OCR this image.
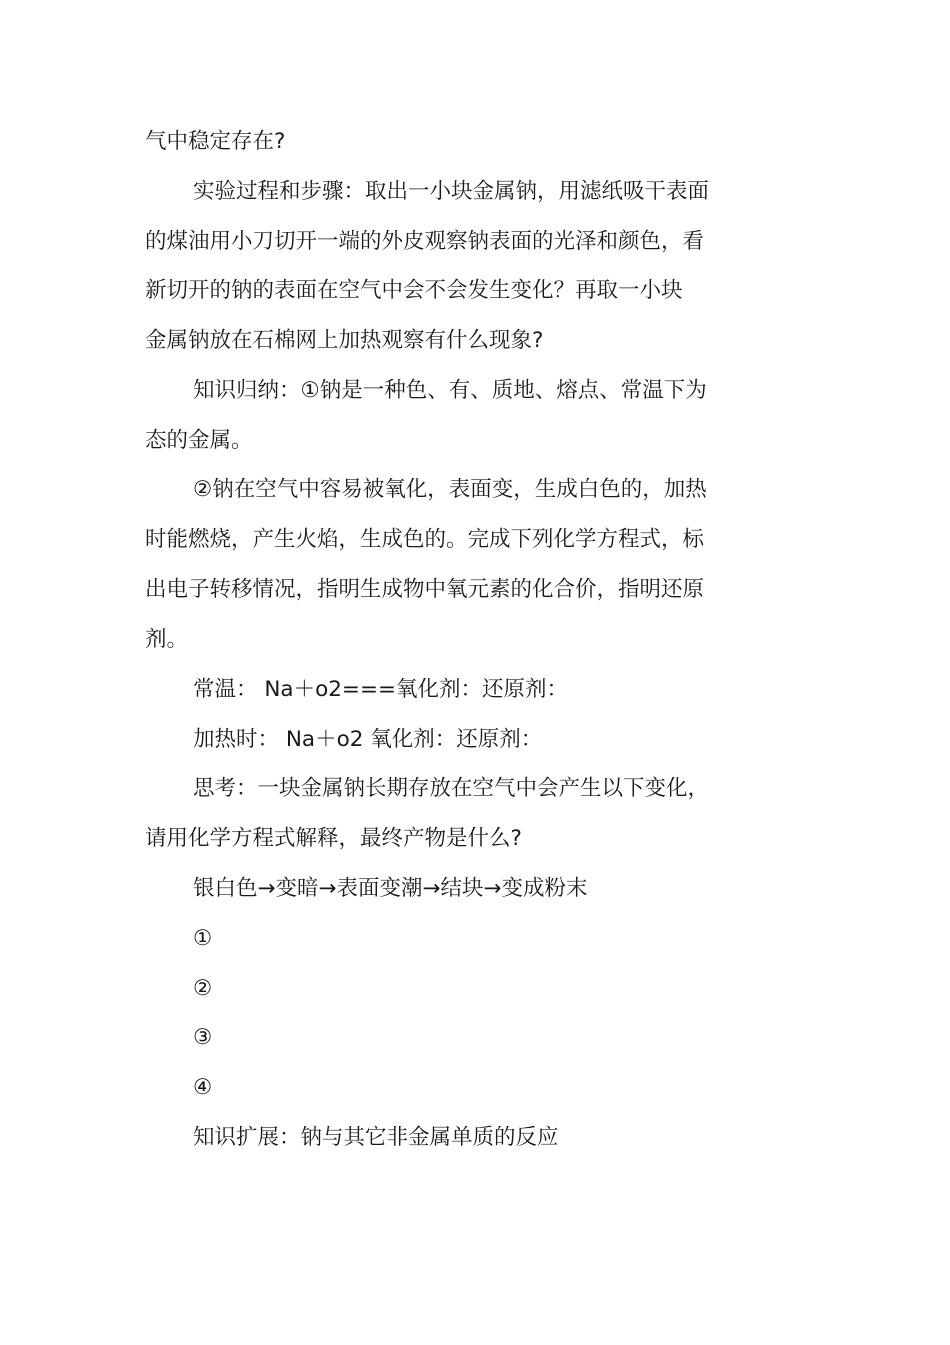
气中稳定存在?
实验过程和步骤：取出一小块金属钠，用滤纸吸干表面
的煤油用小刀切开一端的外皮观察钠表面的光泽和颜色，看
新切开的钠的表面在空气中会不会发生变化？再取一小块
金属钠放在石棉网上加热观察有什么现象?
知识归纳：①钠是一种色、有、质地、熔点、常温下为
态的金属。
②钠在空气中容易被氧化，表面变，生成白色的，加热
时能燃烧，产生火焰，生成色的。完成下列化学方程式，标
出电子转移情况，指明生成物中氧元素的化合价，指明还原
剂。
常温： Na＋o2===氧化剂：还原剂：
加热时： Na＋o2 氧化剂：还原剂：
思考：一块金属钠长期存放在空气中会产生以下变化，
请用化学方程式解释，最终产物是什么?
银白色→变暗→表面变潮→结块→变成粉末
①
②
③
④
知识扩展：钠与其它非金属单质的反应
